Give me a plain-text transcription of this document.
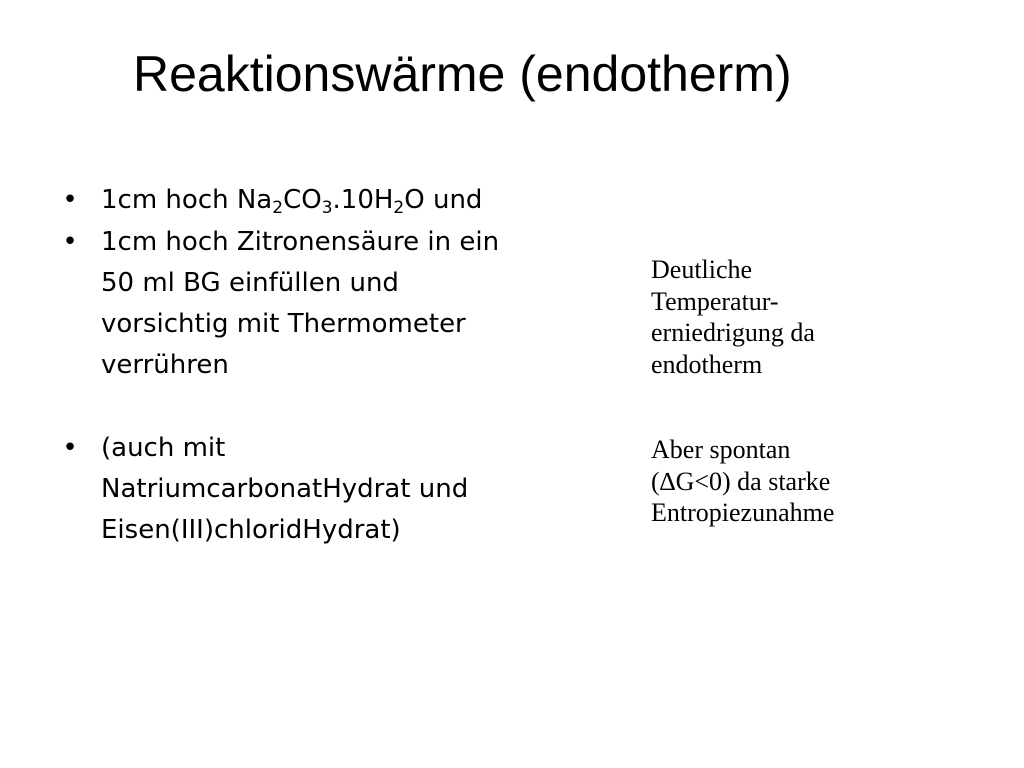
Reaktionswärme (endotherm)
• 1cm hoch $Na_2CO_3.10H_2O$ und
• 1cm hoch Zitronensäure in ein
50 ml BG einfüllen und
vorsichtig mit Thermometer
verrühren
• (auch mit
NatriumcarbonatHydrat und
Eisen(III)chloridHydrat)
Deutliche
Temperatur-
erniedrigung da
endotherm
Aber spontan
(∆G<0) da starke
Entropiezunahme
